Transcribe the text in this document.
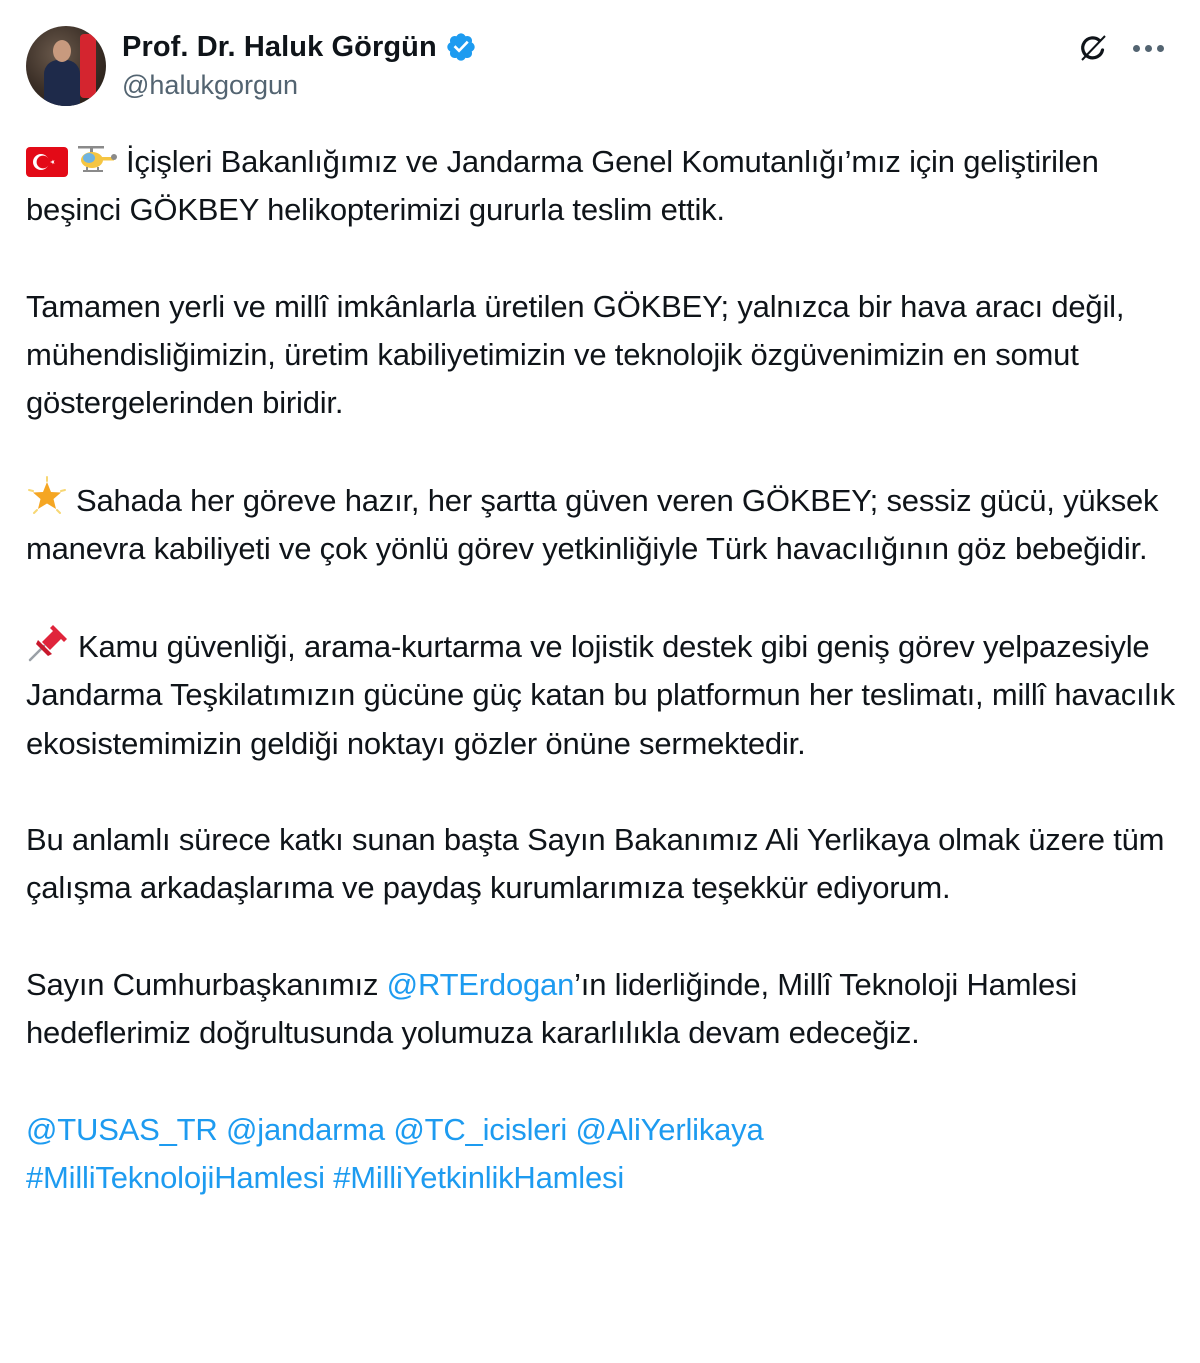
Prof. Dr. Haluk Görgün
@halukgorgun

İçişleri Bakanlığımız ve Jandarma Genel Komutanlığı’mız için geliştirilen beşinci GÖKBEY helikopterimizi gururla teslim ettik.

Tamamen yerli ve millî imkânlarla üretilen GÖKBEY; yalnızca bir hava aracı değil, mühendisliğimizin, üretim kabiliyetimizin ve teknolojik özgüvenimizin en somut göstergelerinden biridir.

Sahada her göreve hazır, her şartta güven veren GÖKBEY; sessiz gücü, yüksek manevra kabiliyeti ve çok yönlü görev yetkinliğiyle Türk havacılığının göz bebeğidir.

Kamu güvenliği, arama-kurtarma ve lojistik destek gibi geniş görev yelpazesiyle Jandarma Teşkilatımızın gücüne güç katan bu platformun her teslimatı, millî havacılık ekosistemimizin geldiği noktayı gözler önüne sermektedir.

Bu anlamlı sürece katkı sunan başta Sayın Bakanımız Ali Yerlikaya olmak üzere tüm çalışma arkadaşlarıma ve paydaş kurumlarımıza teşekkür ediyorum.

Sayın Cumhurbaşkanımız @RTErdogan’ın liderliğinde, Millî Teknoloji Hamlesi hedeflerimiz doğrultusunda yolumuza kararlılıkla devam edeceğiz.

@TUSAS_TR @jandarma @TC_icisleri @AliYerlikaya

#MilliTeknolojiHamlesi #MilliYetkinlikHamlesi
